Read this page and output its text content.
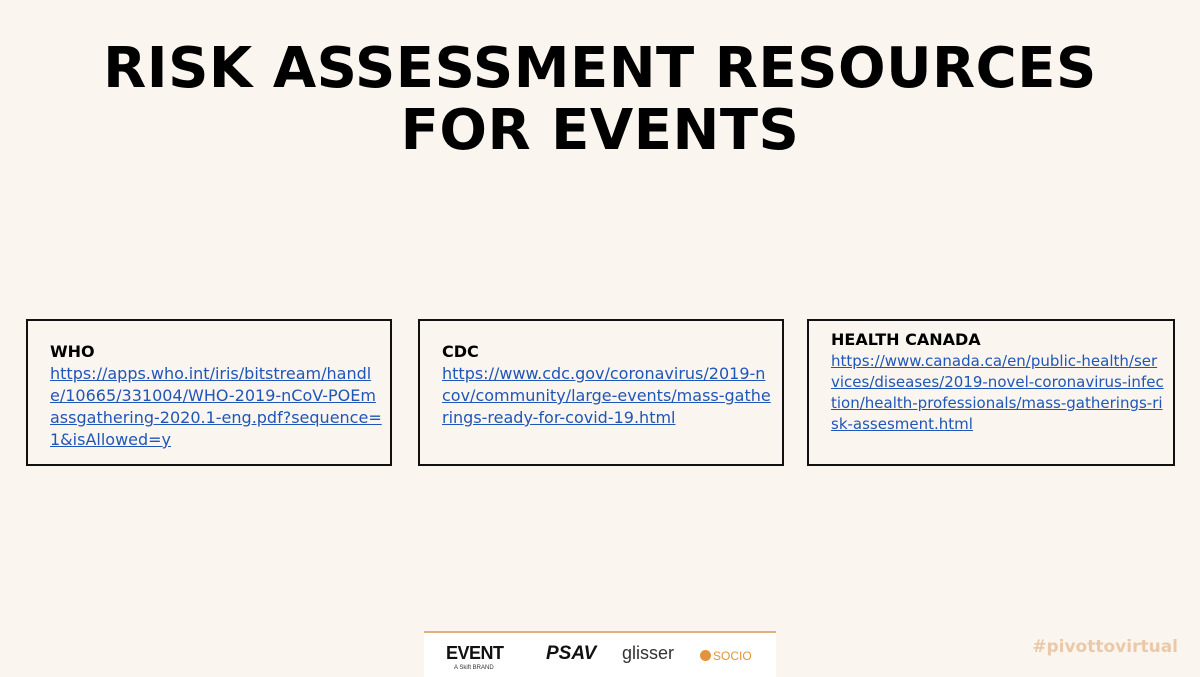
RISK ASSESSMENT RESOURCES
FOR EVENTS
WHO
https://apps.who.int/iris/bitstream/handle/10665/331004/WHO-2019-nCoV-POEmassgathering-2020.1-eng.pdf?sequence=1&isAllowed=y
CDC
https://www.cdc.gov/coronavirus/2019-ncov/community/large-events/mass-gatherings-ready-for-covid-19.html
HEALTH CANADA
https://www.canada.ca/en/public-health/services/diseases/2019-novel-coronavirus-infection/health-professionals/mass-gatherings-risk-assesment.html
EVENT
A Skift BRAND
PSAV glisser	SOCIO	#pivottovirtual
